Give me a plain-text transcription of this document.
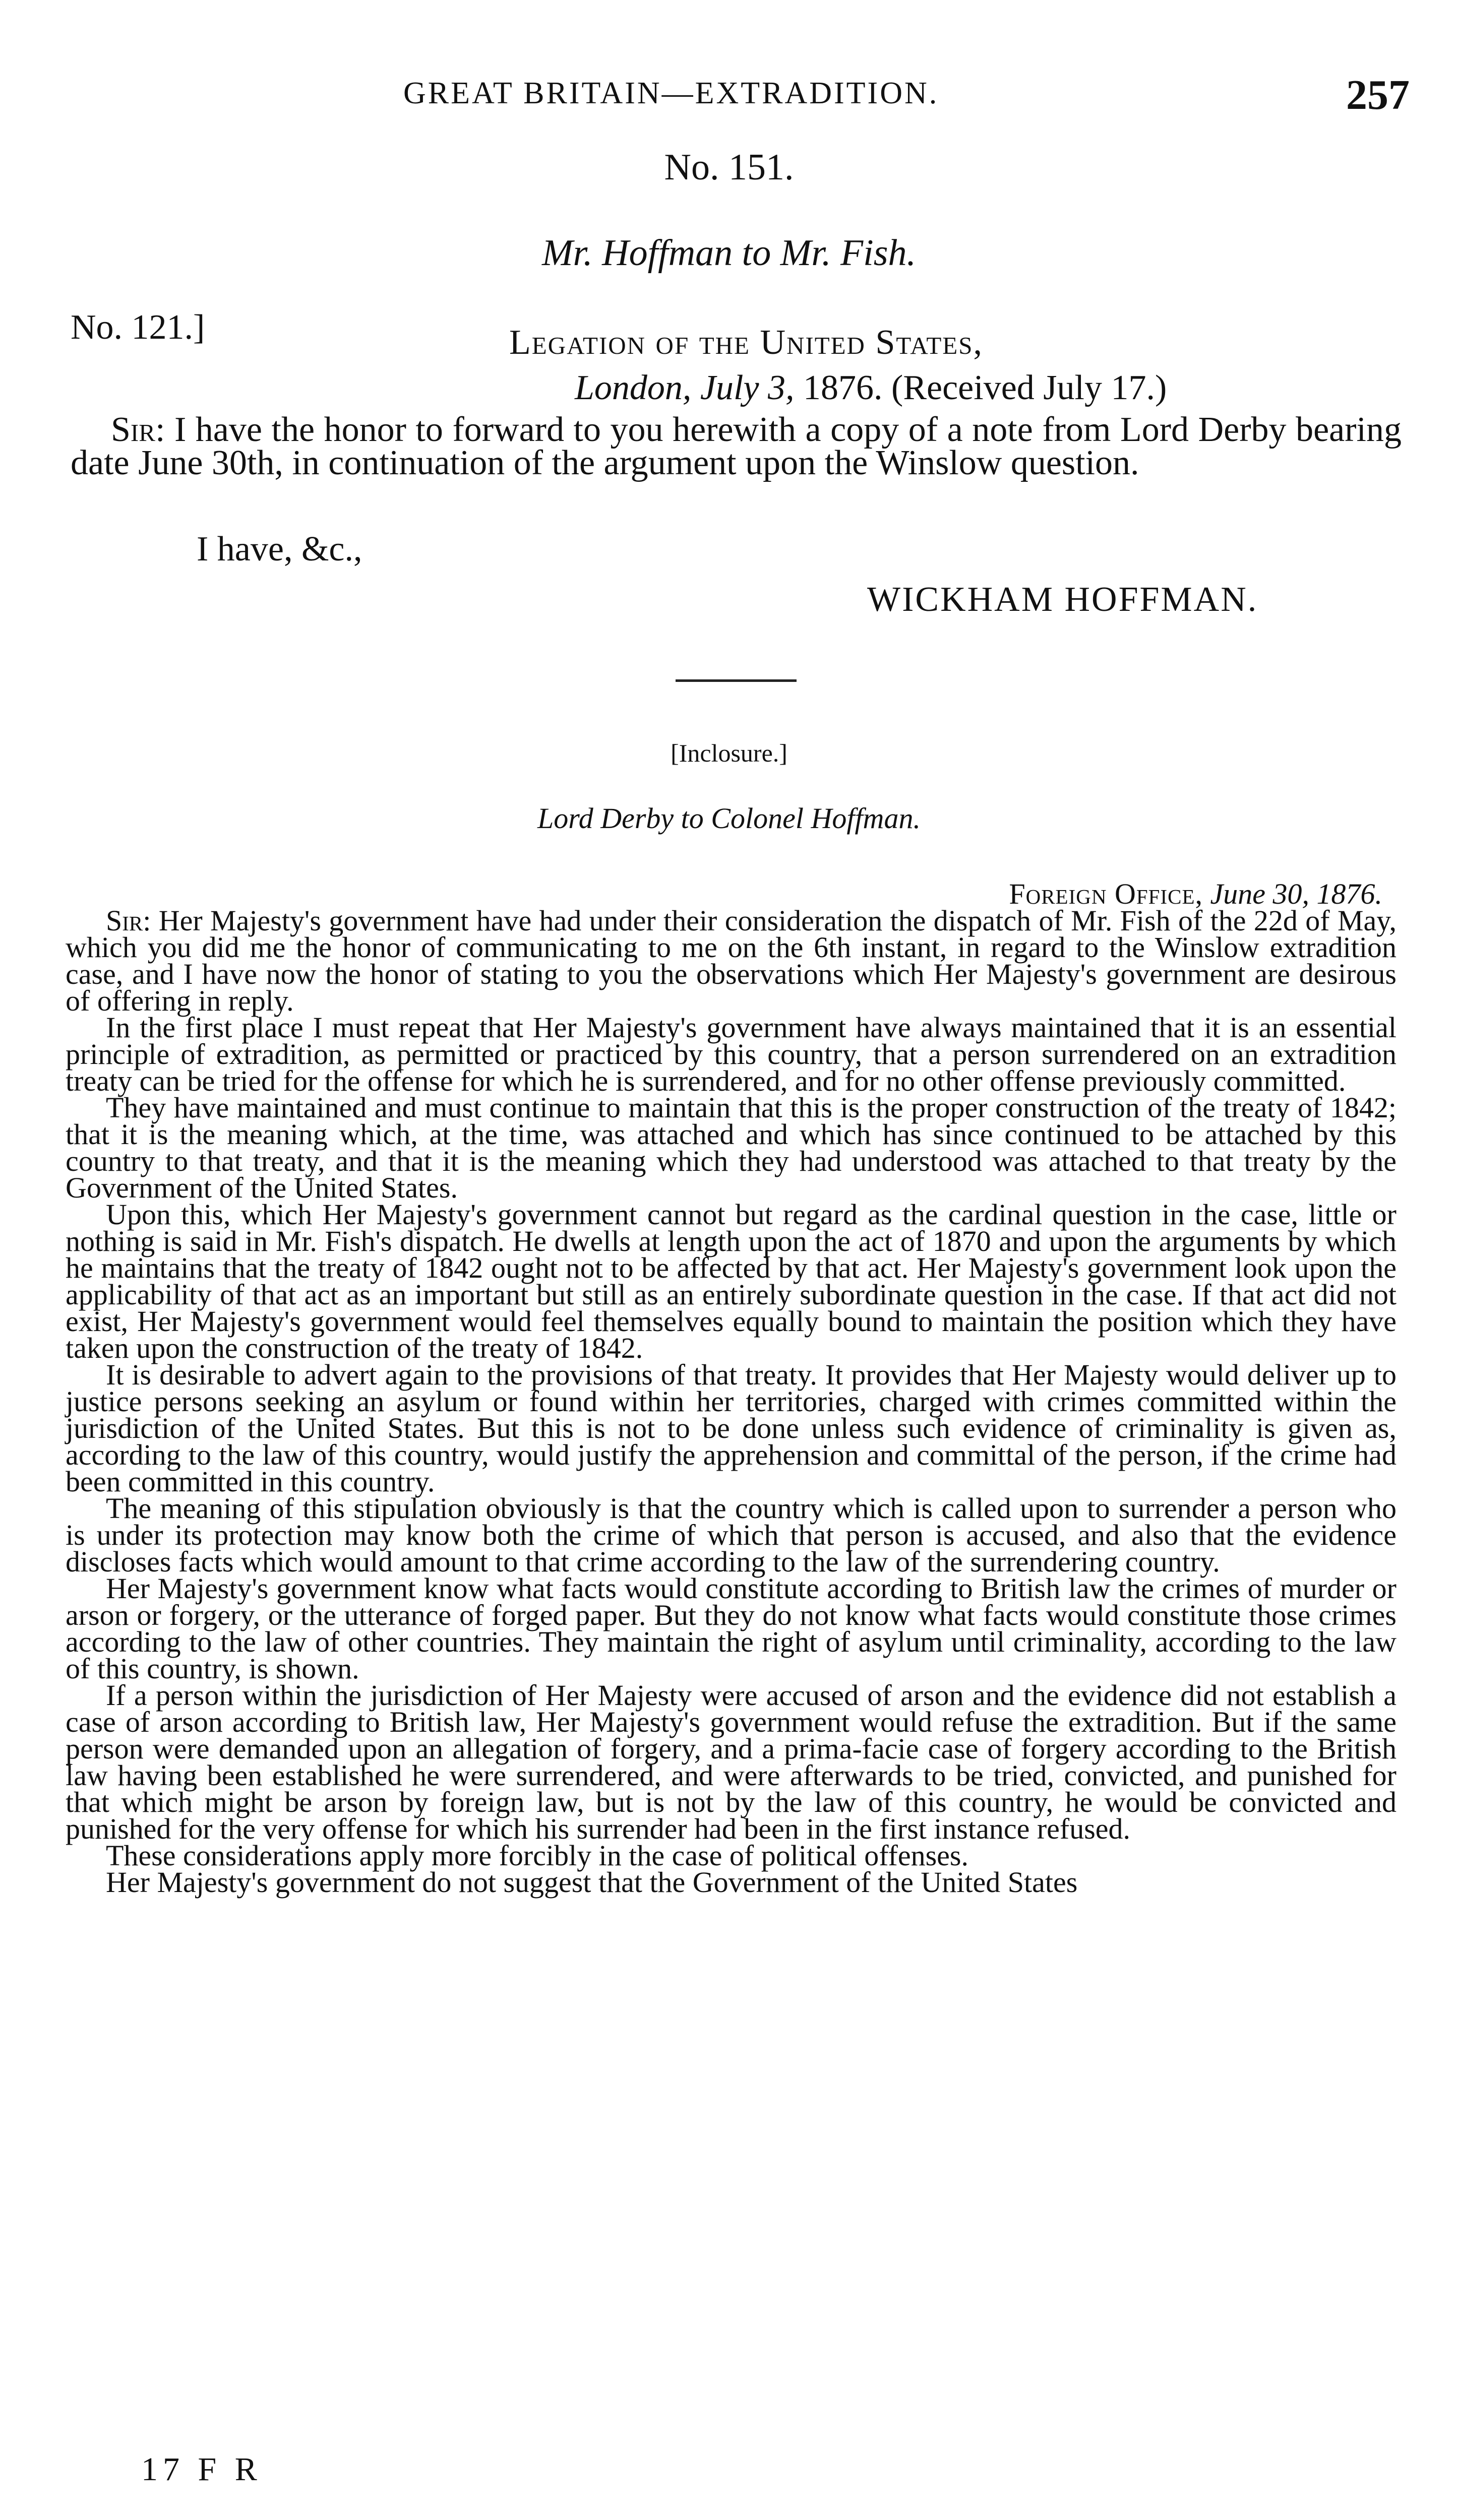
GREAT BRITAIN—EXTRADITION.	257
No. 151.
Mr. Hoffman to Mr. Fish.
No. 121.]	Legation of the United States,
London, July 3, 1876. (Received July 17.)

Sir: I have the honor to forward to you herewith a copy of a note from Lord Derby bearing date June 30th, in continuation of the argument upon the Winslow question.

I have, &c.,
WICKHAM HOFFMAN.
[Inclosure.]
Lord Derby to Colonel Hoffman.
Foreign Office, June 30, 1876.

Sir: Her Majesty's government have had under their consideration the dispatch of Mr. Fish of the 22d of May, which you did me the honor of communicating to me on the 6th instant, in regard to the Winslow extradition case, and I have now the honor of stating to you the observations which Her Majesty's government are desirous of offering in reply.

In the first place I must repeat that Her Majesty's government have always maintained that it is an essential principle of extradition, as permitted or practiced by this country, that a person surrendered on an extradition treaty can be tried for the offense for which he is surrendered, and for no other offense previously committed.

They have maintained and must continue to maintain that this is the proper construction of the treaty of 1842; that it is the meaning which, at the time, was attached and which has since continued to be attached by this country to that treaty, and that it is the meaning which they had understood was attached to that treaty by the Government of the United States.

Upon this, which Her Majesty's government cannot but regard as the cardinal question in the case, little or nothing is said in Mr. Fish's dispatch. He dwells at length upon the act of 1870 and upon the arguments by which he maintains that the treaty of 1842 ought not to be affected by that act. Her Majesty's government look upon the applicability of that act as an important but still as an entirely subordinate question in the case. If that act did not exist, Her Majesty's government would feel themselves equally bound to maintain the position which they have taken upon the construction of the treaty of 1842.

It is desirable to advert again to the provisions of that treaty. It provides that Her Majesty would deliver up to justice persons seeking an asylum or found within her territories, charged with crimes committed within the jurisdiction of the United States. But this is not to be done unless such evidence of criminality is given as, according to the law of this country, would justify the apprehension and committal of the person, if the crime had been committed in this country.

The meaning of this stipulation obviously is that the country which is called upon to surrender a person who is under its protection may know both the crime of which that person is accused, and also that the evidence discloses facts which would amount to that crime according to the law of the surrendering country.

Her Majesty's government know what facts would constitute according to British law the crimes of murder or arson or forgery, or the utterance of forged paper. But they do not know what facts would constitute those crimes according to the law of other countries. They maintain the right of asylum until criminality, according to the law of this country, is shown.

If a person within the jurisdiction of Her Majesty were accused of arson and the evidence did not establish a case of arson according to British law, Her Majesty's government would refuse the extradition. But if the same person were demanded upon an allegation of forgery, and a prima-facie case of forgery according to the British law having been established he were surrendered, and were afterwards to be tried, convicted, and punished for that which might be arson by foreign law, but is not by the law of this country, he would be convicted and punished for the very offense for which his surrender had been in the first instance refused.

These considerations apply more forcibly in the case of political offenses.

Her Majesty's government do not suggest that the Government of the United States

17 F R
